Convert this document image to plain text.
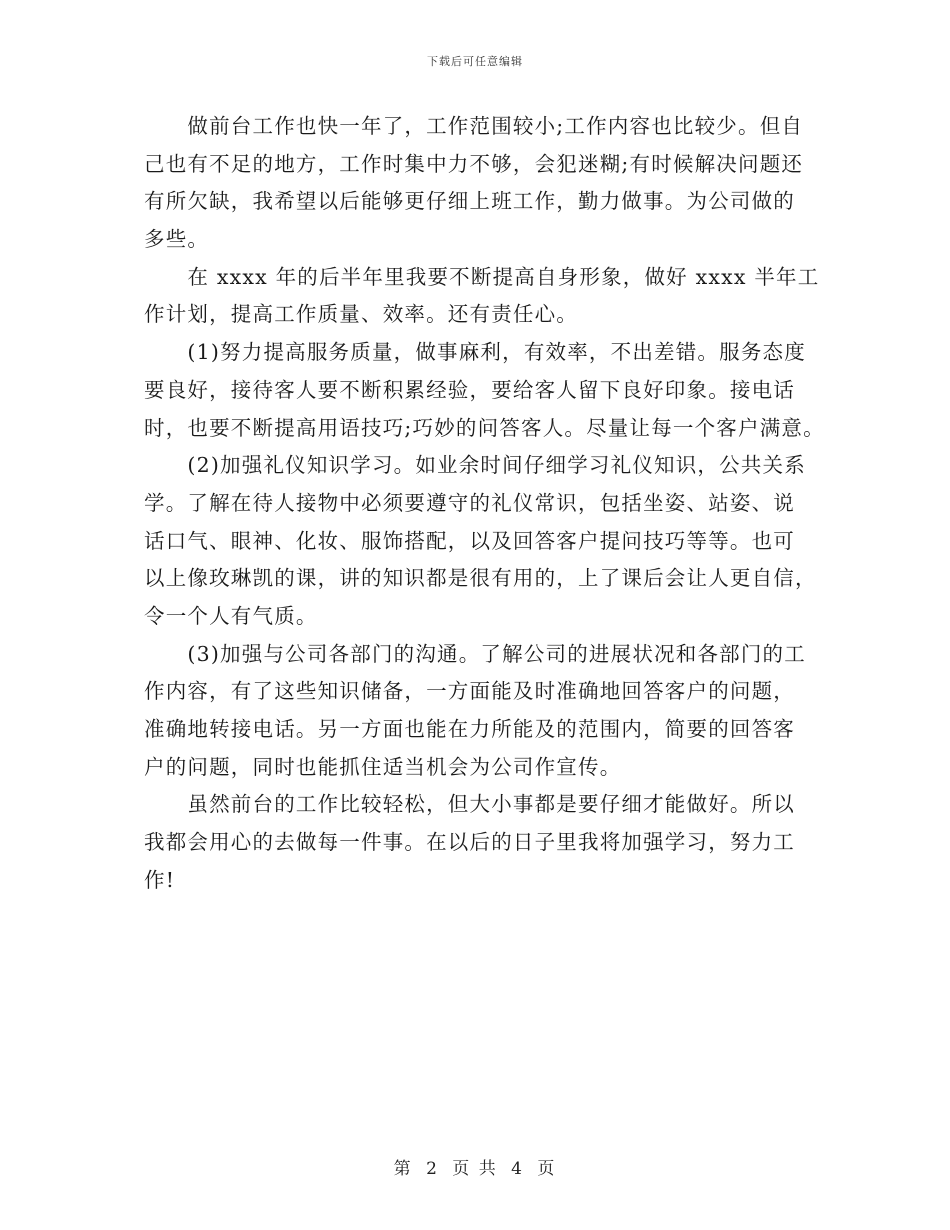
下载后可任意编辑
　　做前台工作也快一年了，工作范围较小;工作内容也比较少。但自
己也有不足的地方，工作时集中力不够，会犯迷糊;有时候解决问题还
有所欠缺，我希望以后能够更仔细上班工作，勤力做事。为公司做的
多些。
　　在 xxxx 年的后半年里我要不断提高自身形象，做好 xxxx 半年工
作计划，提高工作质量、效率。还有责任心。
　　(1)努力提高服务质量，做事麻利，有效率，不出差错。服务态度
要良好，接待客人要不断积累经验，要给客人留下良好印象。接电话
时，也要不断提高用语技巧;巧妙的问答客人。尽量让每一个客户满意。
　　(2)加强礼仪知识学习。如业余时间仔细学习礼仪知识，公共关系
学。了解在待人接物中必须要遵守的礼仪常识，包括坐姿、站姿、说
话口气、眼神、化妆、服饰搭配，以及回答客户提问技巧等等。也可
以上像玫琳凯的课，讲的知识都是很有用的，上了课后会让人更自信，
令一个人有气质。
　　(3)加强与公司各部门的沟通。了解公司的进展状况和各部门的工
作内容，有了这些知识储备，一方面能及时准确地回答客户的问题，
准确地转接电话。另一方面也能在力所能及的范围内，简要的回答客
户的问题，同时也能抓住适当机会为公司作宣传。
　　虽然前台的工作比较轻松，但大小事都是要仔细才能做好。所以
我都会用心的去做每一件事。在以后的日子里我将加强学习，努力工
作!
第 2 页 共 4 页
